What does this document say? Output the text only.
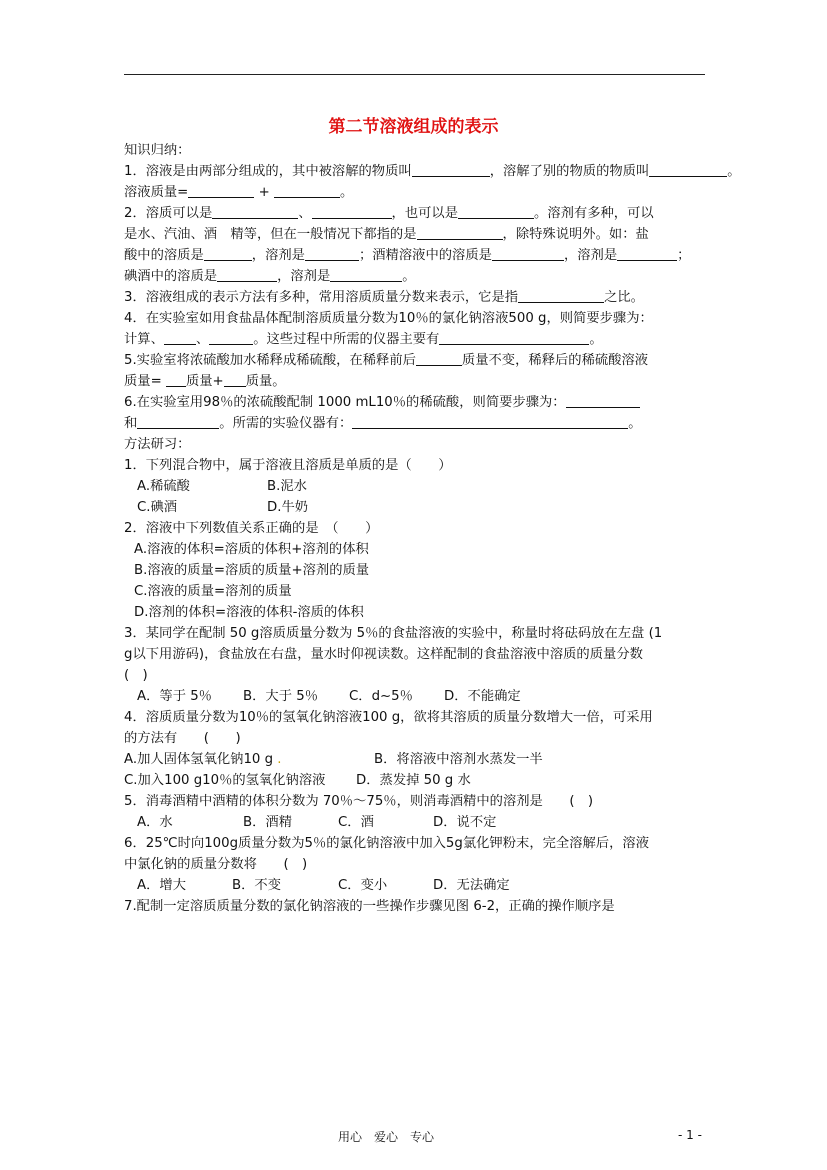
第二节溶液组成的表示
知识归纳：
1．溶液是由两部分组成的，其中被溶解的物质叫	，溶解了别的物质的物质叫	。
溶液质量=	+	。
2．溶质可以是	、	，也可以是	。溶剂有多种，可以
是水、汽油、酒　精等，但在一般情况下都指的是	，除特殊说明外。如：盐
酸中的溶质是	，溶剂是	；酒精溶液中的溶质是	，溶剂是	；
碘酒中的溶质是	，溶剂是	。
3．溶液组成的表示方法有多种，常用溶质质量分数来表示，它是指	之比。
4．在实验室如用食盐晶体配制溶质质量分数为10％的氯化钠溶液500 g，则简要步骤为：
计算、 、	。这些过程中所需的仪器主要有	。
5.实验室将浓硫酸加水稀释成稀硫酸，在稀释前后	质量不变，稀释后的稀硫酸溶液
质量= 质量+ 质量。
6.在实验室用98％的浓硫酸配制 1000 mL10％的稀硫酸，则简要步骤为：
和	。所需的实验仪器有：	。
方法研习：
1．下列混合物中，属于溶液且溶质是单质的是（　　）
A.稀硫酸	B.泥水
C.碘酒	D.牛奶
2．溶液中下列数值关系正确的是　（　　）
A.溶液的体积=溶质的体积+溶剂的体积
B.溶液的质量=溶质的质量+溶剂的质量
C.溶液的质量=溶剂的质量
D.溶剂的体积=溶液的体积-溶质的体积
3．某同学在配制 50 g溶质质量分数为 5％的食盐溶液的实验中，称量时将砝码放在左盘 (1
g以下用游码)，食盐放在右盘，量水时仰视读数。这样配制的食盐溶液中溶质的质量分数
(　)
A．等于 5％ B．大于 5％ C．d~5％ D．不能确定
4．溶质质量分数为10％的氢氧化钠溶液100 g，欲将其溶质的质量分数增大一倍，可采用
的方法有　　(　　)
A.加人固体氢氧化钠10 g .	B．将溶液中溶剂水蒸发一半
C.加入100 g10％的氢氧化钠溶液 D．蒸发掉 50 g 水
5．消毒酒精中酒精的体积分数为 70％～75％，则消毒酒精中的溶剂是　　(　)
A．水	B．酒精	C．酒	D．说不定
6．25℃时向100g质量分数为5％的氯化钠溶液中加入5g氯化钾粉末，完全溶解后，溶液
中氯化钠的质量分数将　　(　)
A．增大	B．不变	C．变小	D．无法确定
7.配制一定溶质质量分数的氯化钠溶液的一些操作步骤见图 6-2，正确的操作顺序是
用心　爱心　专心	- 1 -
